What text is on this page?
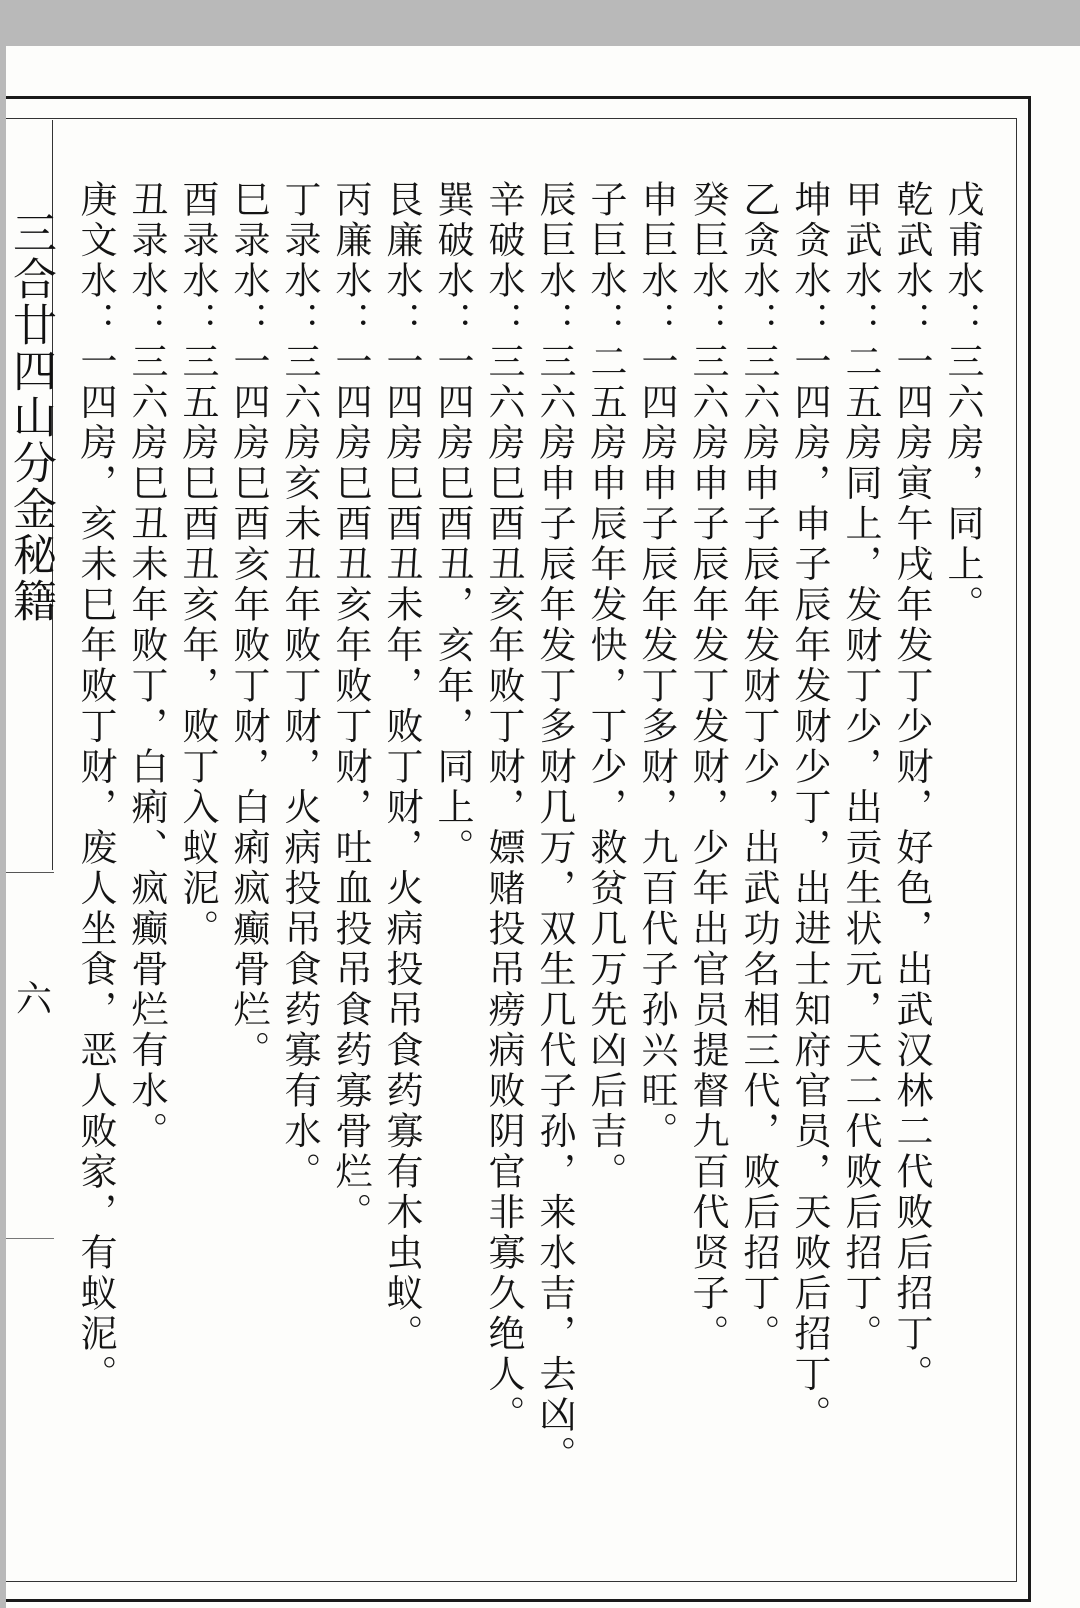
三合廿四山分金秘籍
六
戊甫水：三六房，同上。
乾武水：一四房寅午戌年发丁少财，好色，出武汉林二代败后招丁。
甲武水：二五房同上，发财丁少，出贡生状元，天二代败后招丁。
坤贪水：一四房，申子辰年发财少丁，出进士知府官员，天败后招丁。
乙贪水：三六房申子辰年发财丁少，出武功名相三代，败后招丁。
癸巨水：三六房申子辰年发丁发财，少年出官员提督九百代贤子。
申巨水：一四房申子辰年发丁多财，九百代子孙兴旺。
子巨水：二五房申辰年发快，丁少，救贫几万先凶后吉。
辰巨水：三六房申子辰年发丁多财几万，双生几代子孙，来水吉，去凶。
辛破水：三六房巳酉丑亥年败丁财，嫖赌投吊痨病败阴官非寡久绝人。
巽破水：一四房巳酉丑，亥年，同上。
艮廉水：一四房巳酉丑未年，败丁财，火病投吊食药寡有木虫蚁。
丙廉水：一四房巳酉丑亥年败丁财，吐血投吊食药寡骨烂。
丁录水：三六房亥未丑年败丁财，火病投吊食药寡有水。
巳录水：一四房巳酉亥年败丁财，白痢疯癫骨烂。
酉录水：三五房巳酉丑亥年，败丁入蚁泥。
丑录水：三六房巳丑未年败丁，白痢、疯癫骨烂有水。
庚文水：一四房，亥未巳年败丁财，废人坐食，恶人败家，有蚁泥。
